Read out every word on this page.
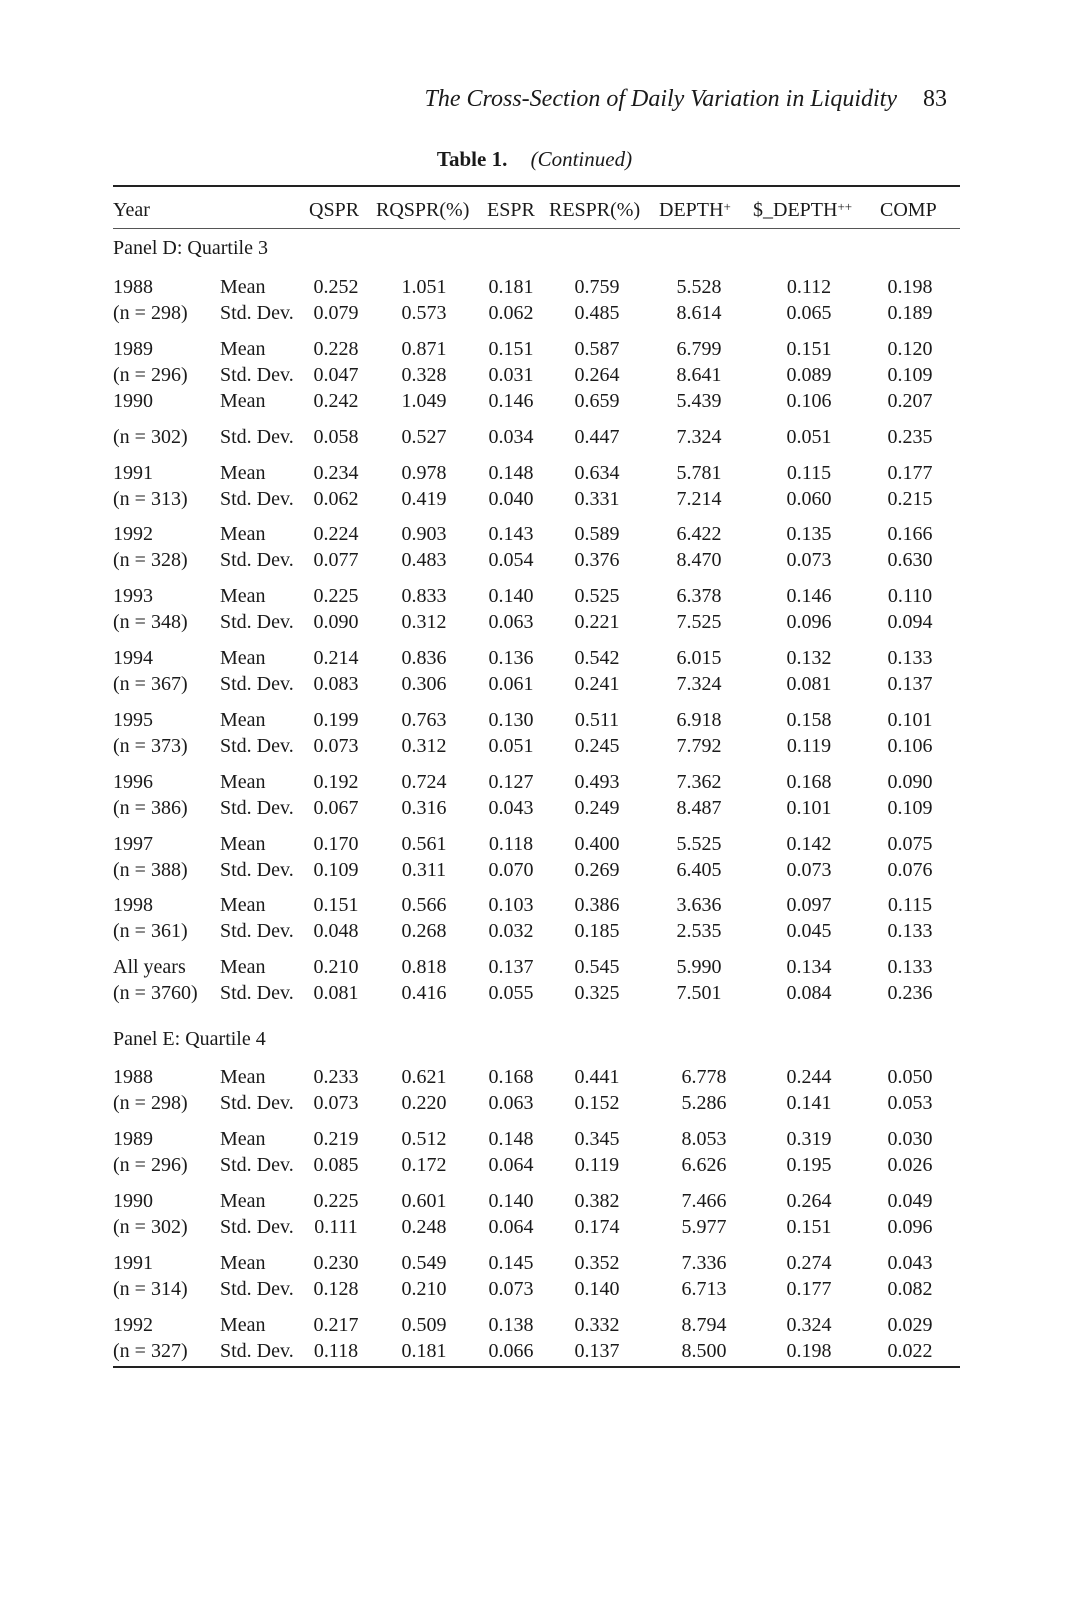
The Cross-Section of Daily Variation in Liquidity 83
Table 1. (Continued)
Year	QSPR RQSPR(%) ESPR RESPR(%) DEPTH+ $_DEPTH++ COMP
Panel D: Quartile 3
1988
(n = 298)
Mean
Std. Dev.
0.252
0.079
1.051
0.573
0.181
0.062
0.759
0.485
5.528
8.614
0.112
0.065
0.198
0.189
1989
(n = 296)
Mean
Std. Dev.
0.228
0.047
0.871
0.328
0.151
0.031
0.587
0.264
6.799
8.641
0.151
0.089
0.120
0.109
1990
(n = 302)
Mean
Std. Dev.
0.242
0.058
1.049
0.527
0.146
0.034
0.659
0.447
5.439
7.324
0.106
0.051
0.207
0.235
1991
(n = 313)
Mean
Std. Dev.
0.234
0.062
0.978
0.419
0.148
0.040
0.634
0.331
5.781
7.214
0.115
0.060
0.177
0.215
1992
(n = 328)
Mean
Std. Dev.
0.224
0.077
0.903
0.483
0.143
0.054
0.589
0.376
6.422
8.470
0.135
0.073
0.166
0.630
1993
(n = 348)
Mean
Std. Dev.
0.225
0.090
0.833
0.312
0.140
0.063
0.525
0.221
6.378
7.525
0.146
0.096
0.110
0.094
1994
(n = 367)
Mean
Std. Dev.
0.214
0.083
0.836
0.306
0.136
0.061
0.542
0.241
6.015
7.324
0.132
0.081
0.133
0.137
1995
(n = 373)
Mean
Std. Dev.
0.199
0.073
0.763
0.312
0.130
0.051
0.511
0.245
6.918
7.792
0.158
0.119
0.101
0.106
1996
(n = 386)
Mean
Std. Dev.
0.192
0.067
0.724
0.316
0.127
0.043
0.493
0.249
7.362
8.487
0.168
0.101
0.090
0.109
1997
(n = 388)
Mean
Std. Dev.
0.170
0.109
0.561
0.311
0.118
0.070
0.400
0.269
5.525
6.405
0.142
0.073
0.075
0.076
1998
(n = 361)
Mean
Std. Dev.
0.151
0.048
0.566
0.268
0.103
0.032
0.386
0.185
3.636
2.535
0.097
0.045
0.115
0.133
All years
(n = 3760)
Mean
Std. Dev.
0.210
0.081
0.818
0.416
0.137
0.055
0.545
0.325
5.990
7.501
0.134
0.084
0.133
0.236
Panel E: Quartile 4
1988
(n = 298)
Mean
Std. Dev.
0.233
0.073
0.621
0.220
0.168
0.063
0.441
0.152
6.778
5.286
0.244
0.141
0.050
0.053
1989
(n = 296)
Mean
Std. Dev.
0.219
0.085
0.512
0.172
0.148
0.064
0.345
0.119
8.053
6.626
0.319
0.195
0.030
0.026
1990
(n = 302)
Mean
Std. Dev.
0.225
0.111
0.601
0.248
0.140
0.064
0.382
0.174
7.466
5.977
0.264
0.151
0.049
0.096
1991
(n = 314)
Mean
Std. Dev.
0.230
0.128
0.549
0.210
0.145
0.073
0.352
0.140
7.336
6.713
0.274
0.177
0.043
0.082
1992
(n = 327)
Mean
Std. Dev.
0.217
0.118
0.509
0.181
0.138
0.066
0.332
0.137
8.794
8.500
0.324
0.198
0.029
0.022
